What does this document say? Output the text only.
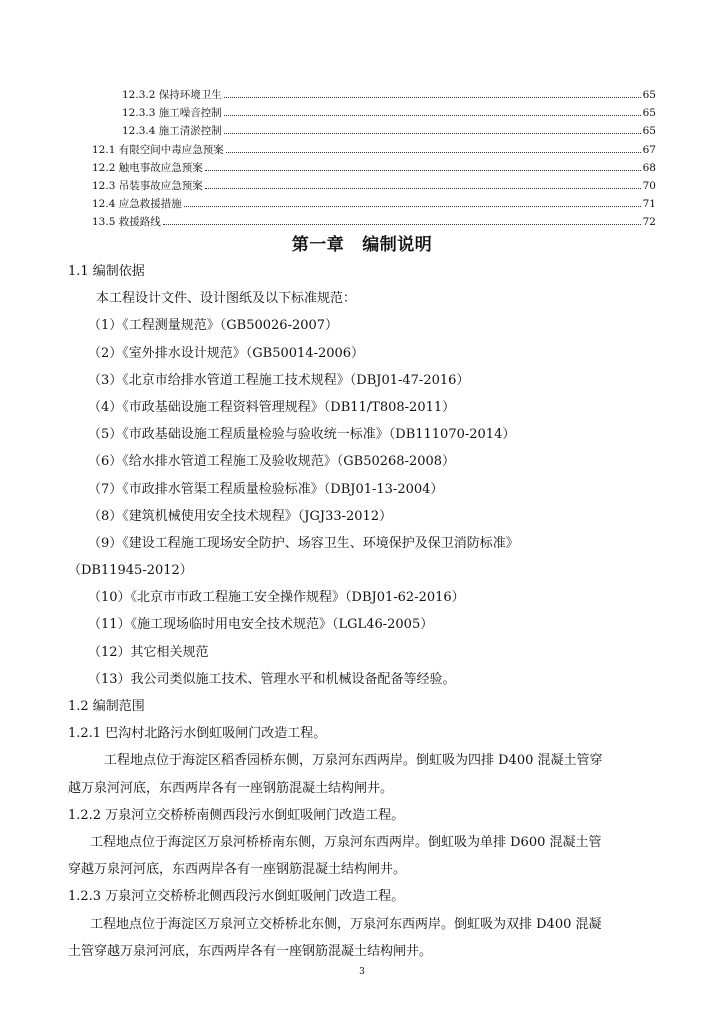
12.3.2 保持环境卫生	65
12.3.3 施工噪音控制	65
12.3.4 施工清淤控制	65
12.1 有限空间中毒应急预案	67
12.2 触电事故应急预案	68
12.3 吊装事故应急预案	70
12.4 应急救援措施	71
13.5 救援路线	72
第一章 编制说明
1.1 编制依据
本工程设计文件、设计图纸及以下标准规范：
（1）《工程测量规范》（GB50026-2007）
（2）《室外排水设计规范》（GB50014-2006）
（3）《北京市给排水管道工程施工技术规程》（DBJ01-47-2016）
（4）《市政基础设施工程资料管理规程》（DB11/T808-2011）
（5）《市政基础设施工程质量检验与验收统一标准》（DB111070-2014）
（6）《给水排水管道工程施工及验收规范》（GB50268-2008）
（7）《市政排水管渠工程质量检验标准》（DBJ01-13-2004）
（8）《建筑机械使用安全技术规程》（JGJ33-2012）
（9）《建设工程施工现场安全防护、场容卫生、环境保护及保卫消防标准》
（DB11945-2012）
（10）《北京市市政工程施工安全操作规程》（DBJ01-62-2016）
（11）《施工现场临时用电安全技术规范》（LGL46-2005）
（12）其它相关规范
（13）我公司类似施工技术、管理水平和机械设备配备等经验。
1.2 编制范围
1.2.1 巴沟村北路污水倒虹吸闸门改造工程。
工程地点位于海淀区稻香园桥东侧，万泉河东西两岸。倒虹吸为四排 D400 混凝土管穿
越万泉河河底，东西两岸各有一座钢筋混凝土结构闸井。
1.2.2 万泉河立交桥桥南侧西段污水倒虹吸闸门改造工程。
工程地点位于海淀区万泉河桥桥南东侧，万泉河东西两岸。倒虹吸为单排 D600 混凝土管
穿越万泉河河底，东西两岸各有一座钢筋混凝土结构闸井。
1.2.3 万泉河立交桥桥北侧西段污水倒虹吸闸门改造工程。
工程地点位于海淀区万泉河立交桥桥北东侧，万泉河东西两岸。倒虹吸为双排 D400 混凝
土管穿越万泉河河底，东西两岸各有一座钢筋混凝土结构闸井。
3
